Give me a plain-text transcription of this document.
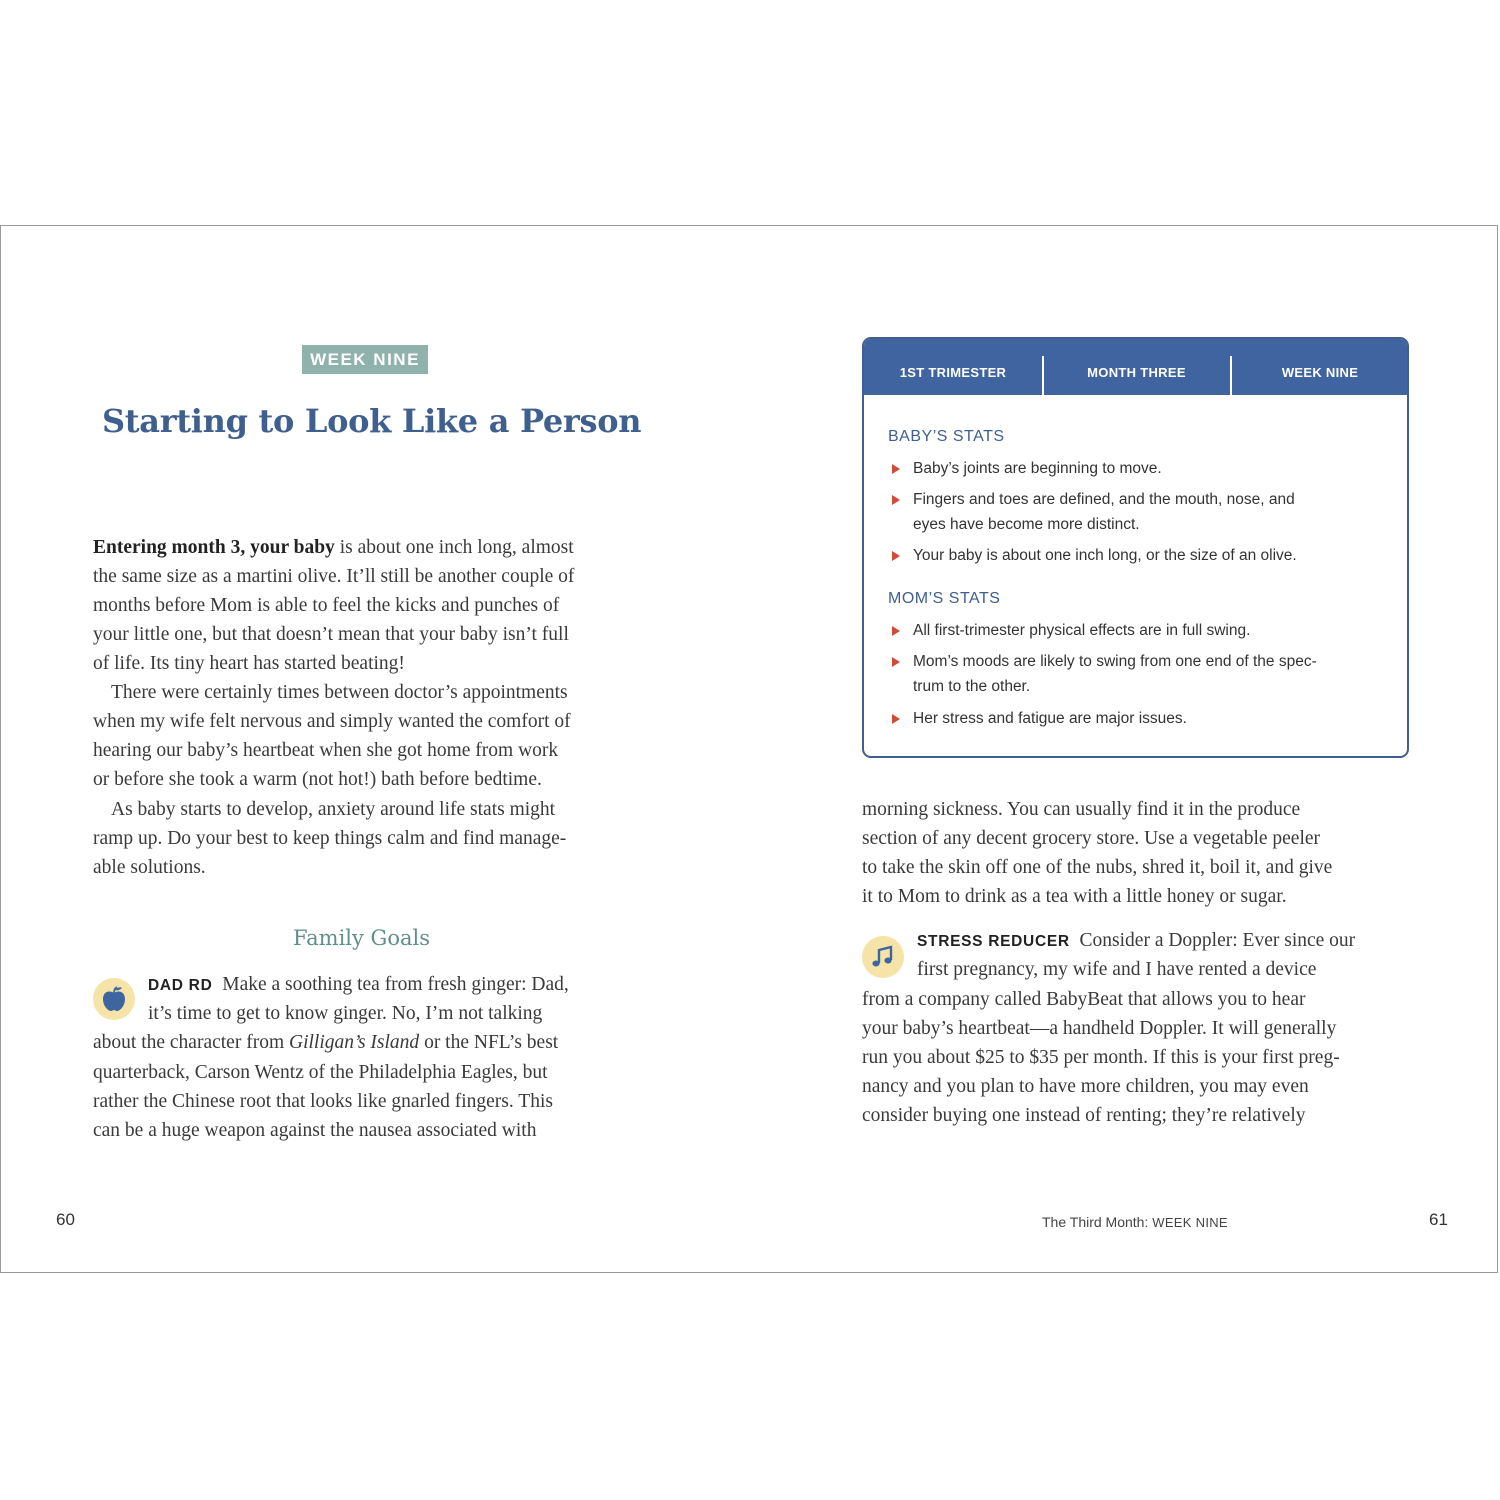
WEEK NINE
Starting to Look Like a Person
Entering month 3, your baby is about one inch long, almost
the same size as a martini olive. It’ll still be another couple of
months before Mom is able to feel the kicks and punches of
your little one, but that doesn’t mean that your baby isn’t full
of life. Its tiny heart has started beating!
There were certainly times between doctor’s appointments
when my wife felt nervous and simply wanted the comfort of
hearing our baby’s heartbeat when she got home from work
or before she took a warm (not hot!) bath before bedtime.
As baby starts to develop, anxiety around life stats might
ramp up. Do your best to keep things calm and find manage-
able solutions.
Family Goals
DAD RD Make a soothing tea from fresh ginger: Dad,
it’s time to get to know ginger. No, I’m not talking
about the character from Gilligan’s Island or the NFL’s best
quarterback, Carson Wentz of the Philadelphia Eagles, but
rather the Chinese root that looks like gnarled fingers. This
can be a huge weapon against the nausea associated with
60
1ST TRIMESTER	MONTH THREE	WEEK NINE
BABY’S STATS
Baby’s joints are beginning to move.
Fingers and toes are defined, and the mouth, nose, and
eyes have become more distinct.
Your baby is about one inch long, or the size of an olive.
MOM’S STATS
All first-trimester physical effects are in full swing.
Mom’s moods are likely to swing from one end of the spec-
trum to the other.
Her stress and fatigue are major issues.
morning sickness. You can usually find it in the produce
section of any decent grocery store. Use a vegetable peeler
to take the skin off one of the nubs, shred it, boil it, and give
it to Mom to drink as a tea with a little honey or sugar.
STRESS REDUCER Consider a Doppler: Ever since our
first pregnancy, my wife and I have rented a device
from a company called BabyBeat that allows you to hear
your baby’s heartbeat—a handheld Doppler. It will generally
run you about $25 to $35 per month. If this is your first preg-
nancy and you plan to have more children, you may even
consider buying one instead of renting; they’re relatively
The Third Month: WEEK NINE	61
